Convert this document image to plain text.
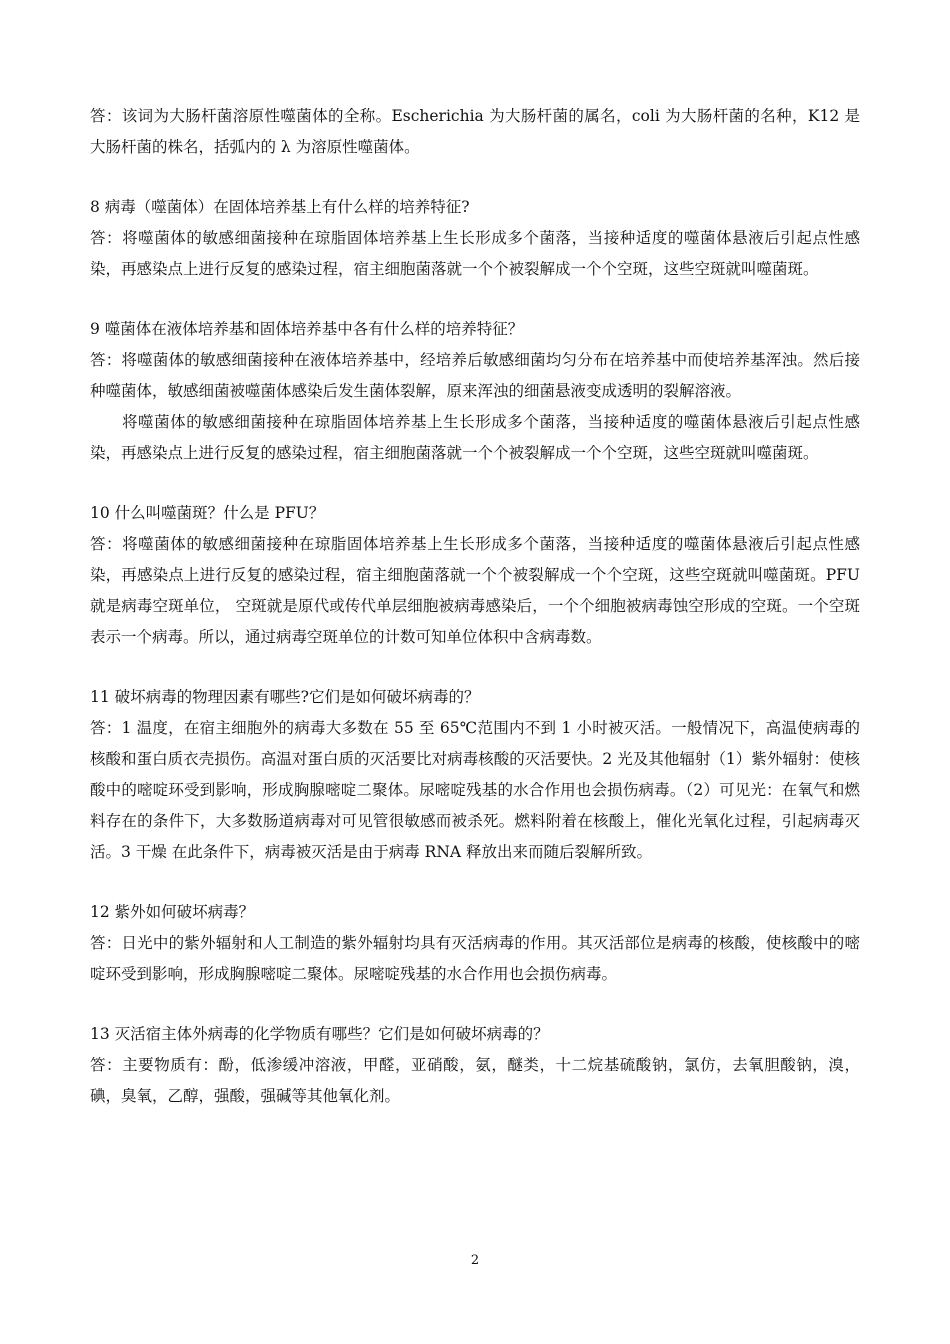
答：该词为大肠杆菌溶原性噬菌体的全称。Escherichia 为大肠杆菌的属名，coli 为大肠杆菌的名种，K12 是大肠杆菌的株名，括弧内的 λ 为溶原性噬菌体。

8 病毒（噬菌体）在固体培养基上有什么样的培养特征?

答：将噬菌体的敏感细菌接种在琼脂固体培养基上生长形成多个菌落，当接种适度的噬菌体悬液后引起点性感染，再感染点上进行反复的感染过程，宿主细胞菌落就一个个被裂解成一个个空斑，这些空斑就叫噬菌斑。

9 噬菌体在液体培养基和固体培养基中各有什么样的培养特征？

答：将噬菌体的敏感细菌接种在液体培养基中，经培养后敏感细菌均匀分布在培养基中而使培养基浑浊。然后接种噬菌体，敏感细菌被噬菌体感染后发生菌体裂解，原来浑浊的细菌悬液变成透明的裂解溶液。

将噬菌体的敏感细菌接种在琼脂固体培养基上生长形成多个菌落，当接种适度的噬菌体悬液后引起点性感染，再感染点上进行反复的感染过程，宿主细胞菌落就一个个被裂解成一个个空斑，这些空斑就叫噬菌斑。

10 什么叫噬菌斑？什么是 PFU？

答：将噬菌体的敏感细菌接种在琼脂固体培养基上生长形成多个菌落，当接种适度的噬菌体悬液后引起点性感染，再感染点上进行反复的感染过程，宿主细胞菌落就一个个被裂解成一个个空斑，这些空斑就叫噬菌斑。PFU 就是病毒空斑单位， 空斑就是原代或传代单层细胞被病毒感染后，一个个细胞被病毒蚀空形成的空斑。一个空斑表示一个病毒。所以，通过病毒空斑单位的计数可知单位体积中含病毒数。

11 破坏病毒的物理因素有哪些?它们是如何破坏病毒的？

答：1 温度，在宿主细胞外的病毒大多数在 55 至 65℃范围内不到 1 小时被灭活。一般情况下，高温使病毒的核酸和蛋白质衣壳损伤。高温对蛋白质的灭活要比对病毒核酸的灭活要快。2 光及其他辐射（1）紫外辐射：使核酸中的嘧啶环受到影响，形成胸腺嘧啶二聚体。尿嘧啶残基的水合作用也会损伤病毒。（2）可见光：在氧气和燃料存在的条件下，大多数肠道病毒对可见管很敏感而被杀死。燃料附着在核酸上，催化光氧化过程，引起病毒灭活。3 干燥 在此条件下，病毒被灭活是由于病毒 RNA 释放出来而随后裂解所致。

12 紫外如何破坏病毒？

答：日光中的紫外辐射和人工制造的紫外辐射均具有灭活病毒的作用。其灭活部位是病毒的核酸，使核酸中的嘧啶环受到影响，形成胸腺嘧啶二聚体。尿嘧啶残基的水合作用也会损伤病毒。

13 灭活宿主体外病毒的化学物质有哪些？它们是如何破坏病毒的？

答：主要物质有：酚，低渗缓冲溶液，甲醛，亚硝酸，氨，醚类，十二烷基硫酸钠，氯仿，去氧胆酸钠，溴，碘，臭氧，乙醇，强酸，强碱等其他氧化剂。

2
